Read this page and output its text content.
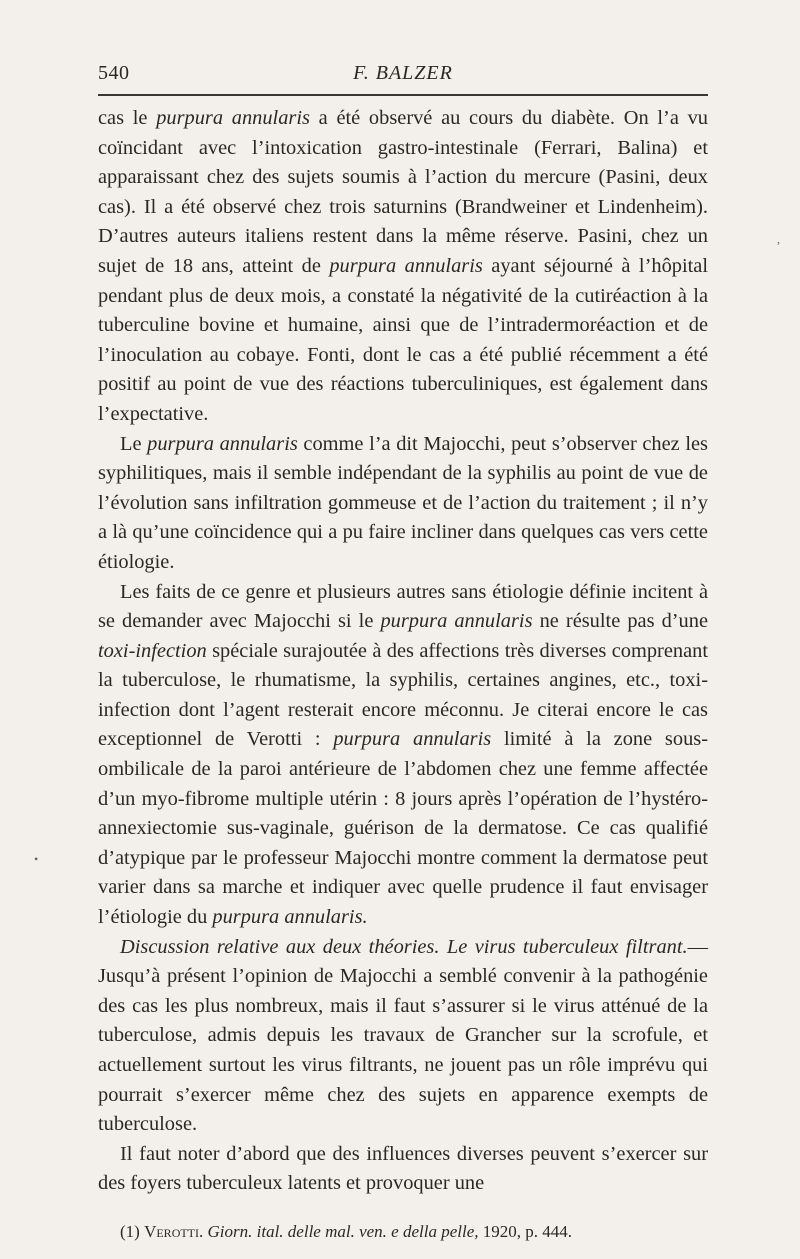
540	F. BALZER

cas le purpura annularis a été observé au cours du diabète. On l’a vu coïncidant avec l’intoxication gastro-intestinale (Ferrari, Balina) et apparaissant chez des sujets soumis à l’action du mercure (Pasini, deux cas). Il a été observé chez trois saturnins (Brandweiner et Lindenheim). D’autres auteurs italiens restent dans la même réserve. Pasini, chez un sujet de 18 ans, atteint de purpura annularis ayant séjourné à l’hôpital pendant plus de deux mois, a constaté la négativité de la cutiréaction à la tuberculine bovine et humaine, ainsi que de l’intradermoréaction et de l’inoculation au cobaye. Fonti, dont le cas a été publié récemment a été positif au point de vue des réactions tuberculiniques, est également dans l’expectative.

Le purpura annularis comme l’a dit Majocchi, peut s’observer chez les syphilitiques, mais il semble indépendant de la syphilis au point de vue de l’évolution sans infiltration gommeuse et de l’action du traitement ; il n’y a là qu’une coïncidence qui a pu faire incliner dans quelques cas vers cette étiologie.

Les faits de ce genre et plusieurs autres sans étiologie définie incitent à se demander avec Majocchi si le purpura annularis ne résulte pas d’une toxi-infection spéciale surajoutée à des affections très diverses comprenant la tuberculose, le rhumatisme, la syphilis, certaines angines, etc., toxi-infection dont l’agent resterait encore méconnu. Je citerai encore le cas exceptionnel de Verotti : purpura annularis limité à la zone sous-ombilicale de la paroi antérieure de l’abdomen chez une femme affectée d’un myo-fibrome multiple utérin : 8 jours après l’opération de l’hystéro-annexiectomie sus-vaginale, guérison de la dermatose. Ce cas qualifié d’atypique par le professeur Majocchi montre comment la dermatose peut varier dans sa marche et indiquer avec quelle prudence il faut envisager l’étiologie du purpura annularis.

Discussion relative aux deux théories. Le virus tuberculeux filtrant.— Jusqu’à présent l’opinion de Majocchi a semblé convenir à la pathogénie des cas les plus nombreux, mais il faut s’assurer si le virus atténué de la tuberculose, admis depuis les travaux de Grancher sur la scrofule, et actuellement surtout les virus filtrants, ne jouent pas un rôle imprévu qui pourrait s’exercer même chez des sujets en apparence exempts de tuberculose.

Il faut noter d’abord que des influences diverses peuvent s’exercer sur des foyers tuberculeux latents et provoquer une

(1) Verotti. Giorn. ital. delle mal. ven. e della pelle, 1920, p. 444.
,
•
